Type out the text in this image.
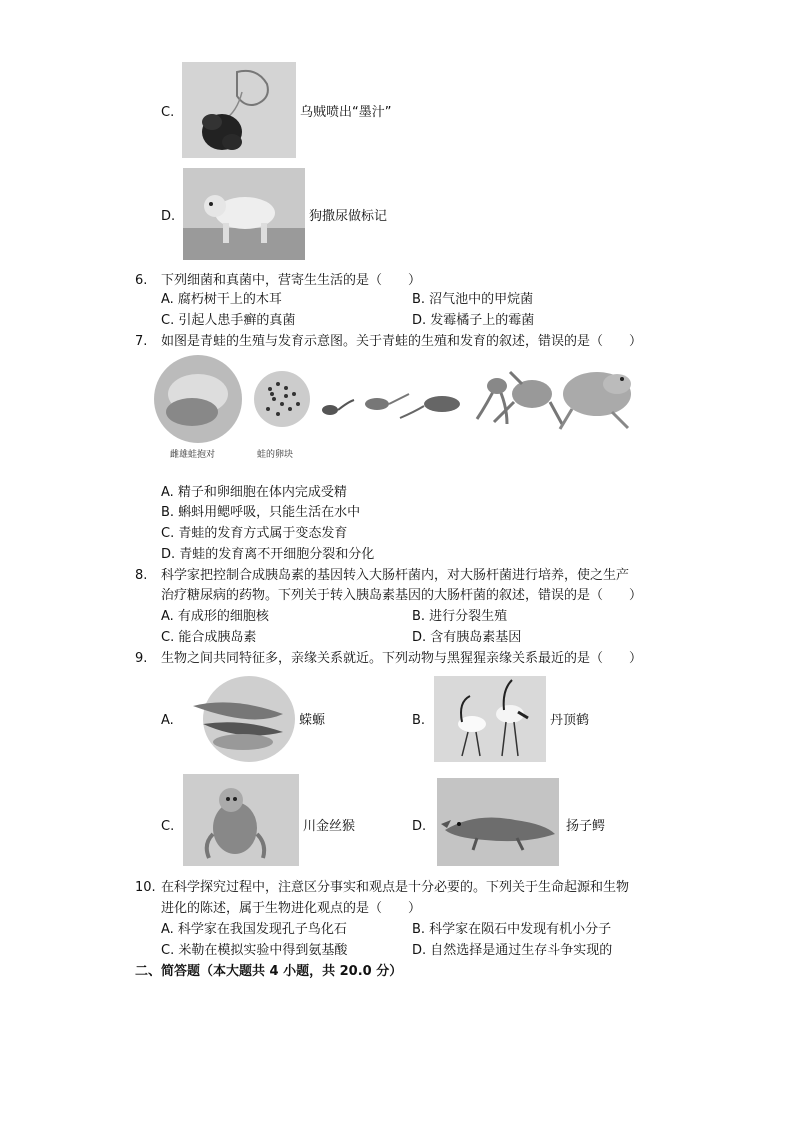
C.	乌贼喷出“墨汁”
D.	狗撒尿做标记
6. 下列细菌和真菌中，营寄生生活的是（　　）
A. 腐朽树干上的木耳	B. 沼气池中的甲烷菌
C. 引起人患手癣的真菌	D. 发霉橘子上的霉菌
7. 如图是青蛙的生殖与发育示意图。关于青蛙的生殖和发育的叙述，错误的是（　　）
雌雄蛙抱对	蛙的卵块
A. 精子和卵细胞在体内完成受精
B. 蝌蚪用鳃呼吸，只能生活在水中
C. 青蛙的发育方式属于变态发育
D. 青蛙的发育离不开细胞分裂和分化
8. 科学家把控制合成胰岛素的基因转入大肠杆菌内，对大肠杆菌进行培养，使之生产
治疗糖尿病的药物。下列关于转入胰岛素基因的大肠杆菌的叙述，错误的是（　　）
A. 有成形的细胞核	B. 进行分裂生殖
C. 能合成胰岛素	D. 含有胰岛素基因
9. 生物之间共同特征多，亲缘关系就近。下列动物与黑猩猩亲缘关系最近的是（　　）
A.	蝾螈	B.	丹顶鹤
C.	川金丝猴	D.	扬子鳄
10. 在科学探究过程中，注意区分事实和观点是十分必要的。下列关于生命起源和生物
进化的陈述，属于生物进化观点的是（　　）
A. 科学家在我国发现孔子鸟化石	B. 科学家在陨石中发现有机小分子
C. 米勒在模拟实验中得到氨基酸	D. 自然选择是通过生存斗争实现的
二、简答题（本大题共 4 小题，共 20.0 分）
